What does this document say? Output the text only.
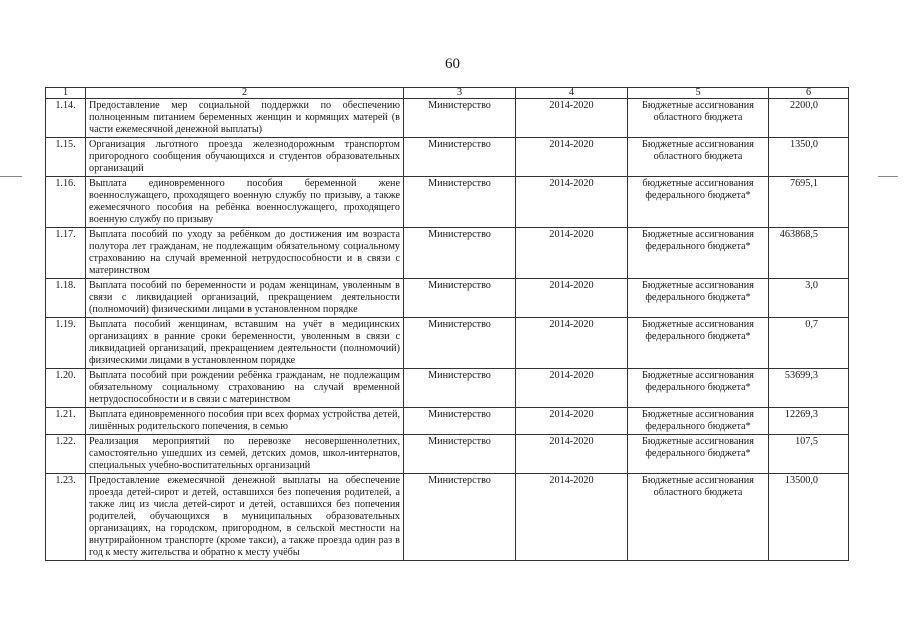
60
1	2	3	4	5	6
1.14.	Предоставление мер социальной поддержки по обеспечению полноценным питанием беременных женщин и кормящих матерей (в части ежемесячной денежной выплаты)	Министерство	2014-2020	Бюджетные ассигнования областного бюджета	2200,0
1.15.	Организация льготного проезда железнодорожным транспортом пригородного сообщения обучающихся и студентов образовательных организаций	Министерство	2014-2020	Бюджетные ассигнования областного бюджета	1350,0
1.16.	Выплата единовременного пособия беременной жене военнослужащего, проходящего военную службу по призыву, а также ежемесячного пособия на ребёнка военнослужащего, проходящего военную службу по призыву	Министерство	2014-2020	бюджетные ассигнования федерального бюджета*	7695,1
1.17.	Выплата пособий по уходу за ребёнком до достижения им возраста полутора лет гражданам, не подлежащим обязательному социальному страхованию на случай временной нетрудоспособности и в связи с материнством	Министерство	2014-2020	Бюджетные ассигнования федерального бюджета*	463868,5
1.18.	Выплата пособий по беременности и родам женщинам, уволенным в связи с ликвидацией организаций, прекращением деятельности (полномочий) физическими лицами в установленном порядке	Министерство	2014-2020	Бюджетные ассигнования федерального бюджета*	3,0
1.19.	Выплата пособий женщинам, вставшим на учёт в медицинских организациях в ранние сроки беременности, уволенным в связи с ликвидацией организаций, прекращением деятельности (полномочий) физическими лицами в установленном порядке	Министерство	2014-2020	Бюджетные ассигнования федерального бюджета*	0,7
1.20.	Выплата пособий при рождении ребёнка гражданам, не подлежащим обязательному социальному страхованию на случай временной нетрудоспособности и в связи с материнством	Министерство	2014-2020	Бюджетные ассигнования федерального бюджета*	53699,3
1.21.	Выплата единовременного пособия при всех формах устройства детей, лишённых родительского попечения, в семью	Министерство	2014-2020	Бюджетные ассигнования федерального бюджета*	12269,3
1.22.	Реализация мероприятий по перевозке несовершеннолетних, самостоятельно ушедших из семей, детских домов, школ-интернатов, специальных учебно-воспитательных организаций	Министерство	2014-2020	Бюджетные ассигнования федерального бюджета*	107,5
1.23.	Предоставление ежемесячной денежной выплаты на обеспечение проезда детей-сирот и детей, оставшихся без попечения родителей, а также лиц из числа детей-сирот и детей, оставшихся без попечения родителей, обучающихся в муниципальных образовательных организациях, на городском, пригородном, в сельской местности на внутрирайонном транспорте (кроме такси), а также проезда один раз в год к месту жительства и обратно к месту учёбы	Министерство	2014-2020	Бюджетные ассигнования областного бюджета	13500,0
